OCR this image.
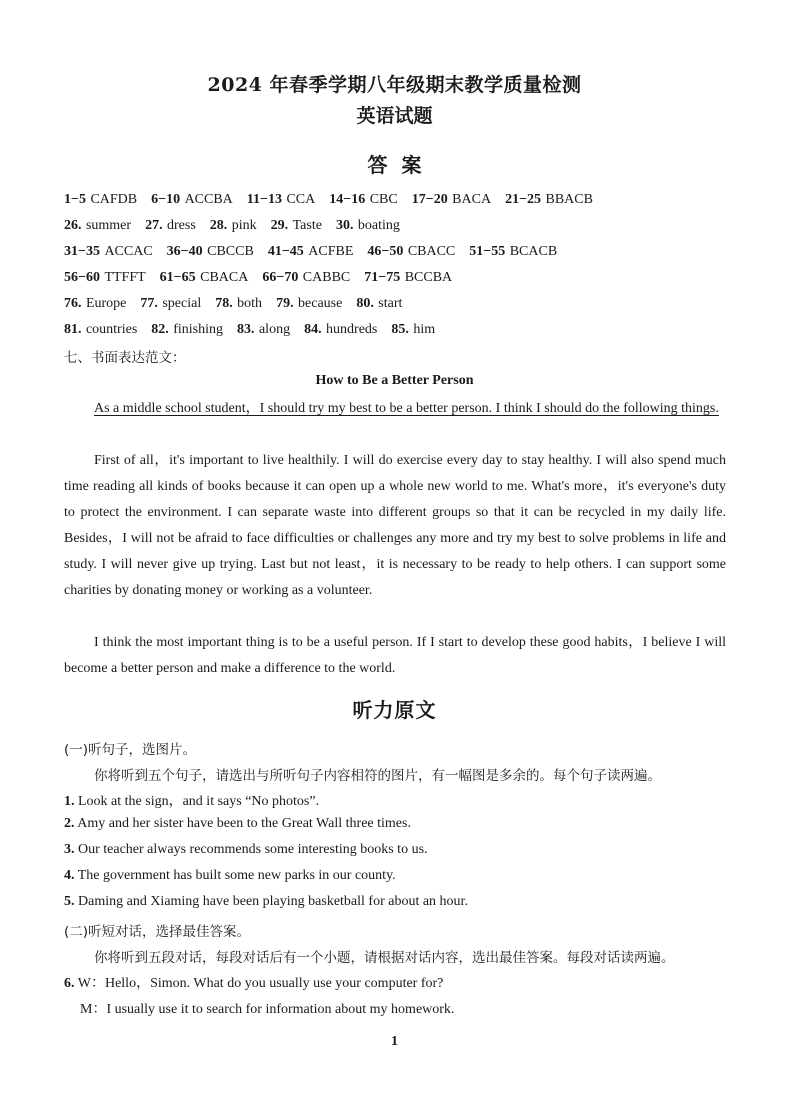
2024 年春季学期八年级期末教学质量检测
英语试题
答案
1−5 CAFDB 6−10 ACCBA 11−13 CCA 14−16 CBC 17−20 BACA 21−25 BBACB
26. summer 27. dress 28. pink 29. Taste 30. boating
31−35 ACCAC 36−40 CBCCB 41−45 ACFBE 46−50 CBACC 51−55 BCACB
56−60 TTFFT 61−65 CBACA 66−70 CABBC 71−75 BCCBA
76. Europe 77. special 78. both 79. because 80. start
81. countries 82. finishing 83. along 84. hundreds 85. him
七、书面表达范文：
How to Be a Better Person

As a middle school student，I should try my best to be a better person. I think I should do the following things.

First of all，it's important to live healthily. I will do exercise every day to stay healthy. I will also spend much time reading all kinds of books because it can open up a whole new world to me. What's more，it's everyone's duty to protect the environment. I can separate waste into different groups so that it can be recycled in my daily life. Besides，I will not be afraid to face difficulties or challenges any more and try my best to solve problems in life and study. I will never give up trying. Last but not least，it is necessary to be ready to help others. I can support some charities by donating money or working as a volunteer.

I think the most important thing is to be a useful person. If I start to develop these good habits，I believe I will become a better person and make a difference to the world.

听力原文
(一)听句子，选图片。
你将听到五个句子，请选出与所听句子内容相符的图片，有一幅图是多余的。每个句子读两遍。
1. Look at the sign，and it says “No photos”.
2. Amy and her sister have been to the Great Wall three times.
3. Our teacher always recommends some interesting books to us.
4. The government has built some new parks in our county.
5. Daming and Xiaming have been playing basketball for about an hour.
(二)听短对话，选择最佳答案。
你将听到五段对话，每段对话后有一个小题，请根据对话内容，选出最佳答案。每段对话读两遍。
6. W：Hello，Simon. What do you usually use your computer for?
M：I usually use it to search for information about my homework.
1
